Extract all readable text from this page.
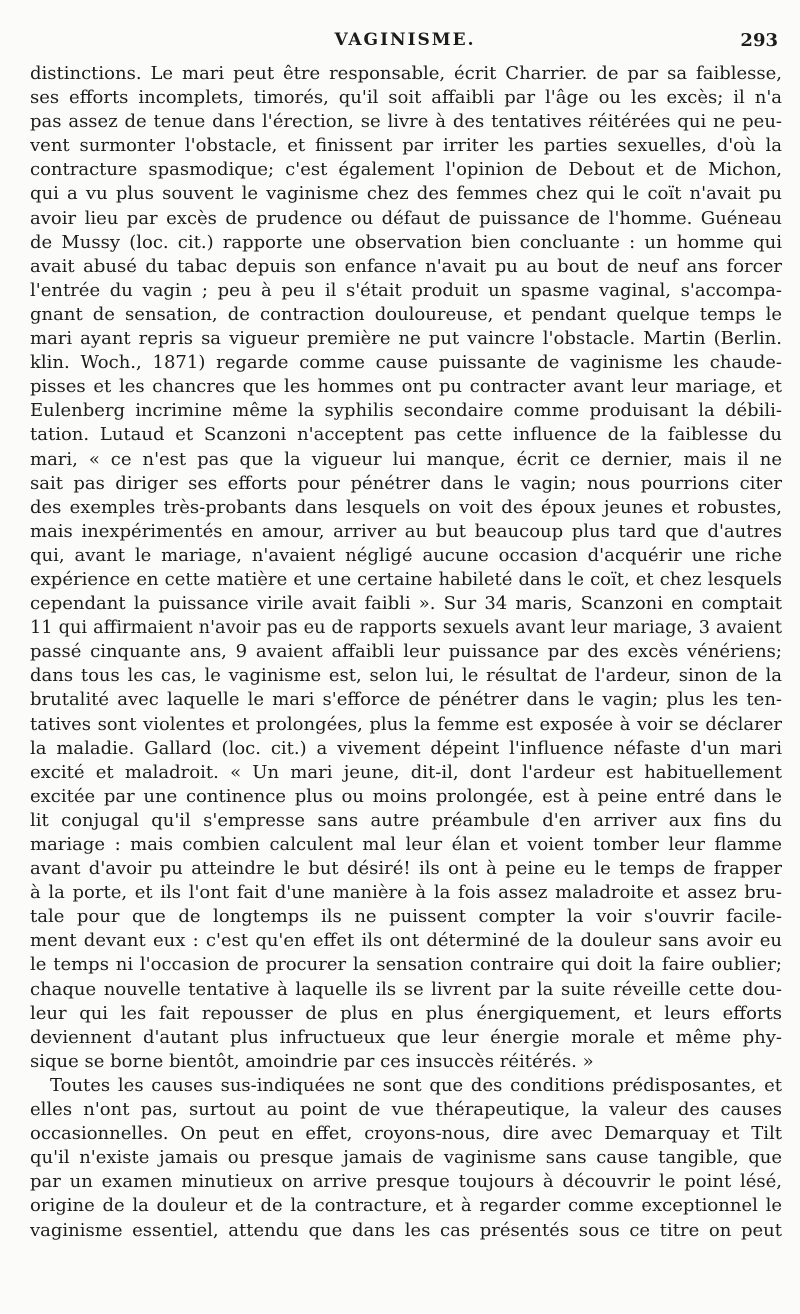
VAGINISME.	293
distinctions. Le mari peut être responsable, écrit Charrier. de par sa faiblesse,
ses efforts incomplets, timorés, qu'il soit affaibli par l'âge ou les excès; il n'a
pas assez de tenue dans l'érection, se livre à des tentatives réitérées qui ne peu-
vent surmonter l'obstacle, et finissent par irriter les parties sexuelles, d'où la
contracture spasmodique; c'est également l'opinion de Debout et de Michon,
qui a vu plus souvent le vaginisme chez des femmes chez qui le coït n'avait pu
avoir lieu par excès de prudence ou défaut de puissance de l'homme. Guéneau
de Mussy (loc. cit.) rapporte une observation bien concluante : un homme qui
avait abusé du tabac depuis son enfance n'avait pu au bout de neuf ans forcer
l'entrée du vagin ; peu à peu il s'était produit un spasme vaginal, s'accompa-
gnant de sensation, de contraction douloureuse, et pendant quelque temps le
mari ayant repris sa vigueur première ne put vaincre l'obstacle. Martin (Berlin.
klin. Woch., 1871) regarde comme cause puissante de vaginisme les chaude-
pisses et les chancres que les hommes ont pu contracter avant leur mariage, et
Eulenberg incrimine même la syphilis secondaire comme produisant la débili-
tation. Lutaud et Scanzoni n'acceptent pas cette influence de la faiblesse du
mari, « ce n'est pas que la vigueur lui manque, écrit ce dernier, mais il ne
sait pas diriger ses efforts pour pénétrer dans le vagin; nous pourrions citer
des exemples très-probants dans lesquels on voit des époux jeunes et robustes,
mais inexpérimentés en amour, arriver au but beaucoup plus tard que d'autres
qui, avant le mariage, n'avaient négligé aucune occasion d'acquérir une riche
expérience en cette matière et une certaine habileté dans le coït, et chez lesquels
cependant la puissance virile avait faibli ». Sur 34 maris, Scanzoni en comptait
11 qui affirmaient n'avoir pas eu de rapports sexuels avant leur mariage, 3 avaient
passé cinquante ans, 9 avaient affaibli leur puissance par des excès vénériens;
dans tous les cas, le vaginisme est, selon lui, le résultat de l'ardeur, sinon de la
brutalité avec laquelle le mari s'efforce de pénétrer dans le vagin; plus les ten-
tatives sont violentes et prolongées, plus la femme est exposée à voir se déclarer
la maladie. Gallard (loc. cit.) a vivement dépeint l'influence néfaste d'un mari
excité et maladroit. « Un mari jeune, dit-il, dont l'ardeur est habituellement
excitée par une continence plus ou moins prolongée, est à peine entré dans le
lit conjugal qu'il s'empresse sans autre préambule d'en arriver aux fins du
mariage : mais combien calculent mal leur élan et voient tomber leur flamme
avant d'avoir pu atteindre le but désiré! ils ont à peine eu le temps de frapper
à la porte, et ils l'ont fait d'une manière à la fois assez maladroite et assez bru-
tale pour que de longtemps ils ne puissent compter la voir s'ouvrir facile-
ment devant eux : c'est qu'en effet ils ont déterminé de la douleur sans avoir eu
le temps ni l'occasion de procurer la sensation contraire qui doit la faire oublier;
chaque nouvelle tentative à laquelle ils se livrent par la suite réveille cette dou-
leur qui les fait repousser de plus en plus énergiquement, et leurs efforts
deviennent d'autant plus infructueux que leur énergie morale et même phy-
sique se borne bientôt, amoindrie par ces insuccès réitérés. »
Toutes les causes sus-indiquées ne sont que des conditions prédisposantes, et
elles n'ont pas, surtout au point de vue thérapeutique, la valeur des causes
occasionnelles. On peut en effet, croyons-nous, dire avec Demarquay et Tilt
qu'il n'existe jamais ou presque jamais de vaginisme sans cause tangible, que
par un examen minutieux on arrive presque toujours à découvrir le point lésé,
origine de la douleur et de la contracture, et à regarder comme exceptionnel le
vaginisme essentiel, attendu que dans les cas présentés sous ce titre on peut
